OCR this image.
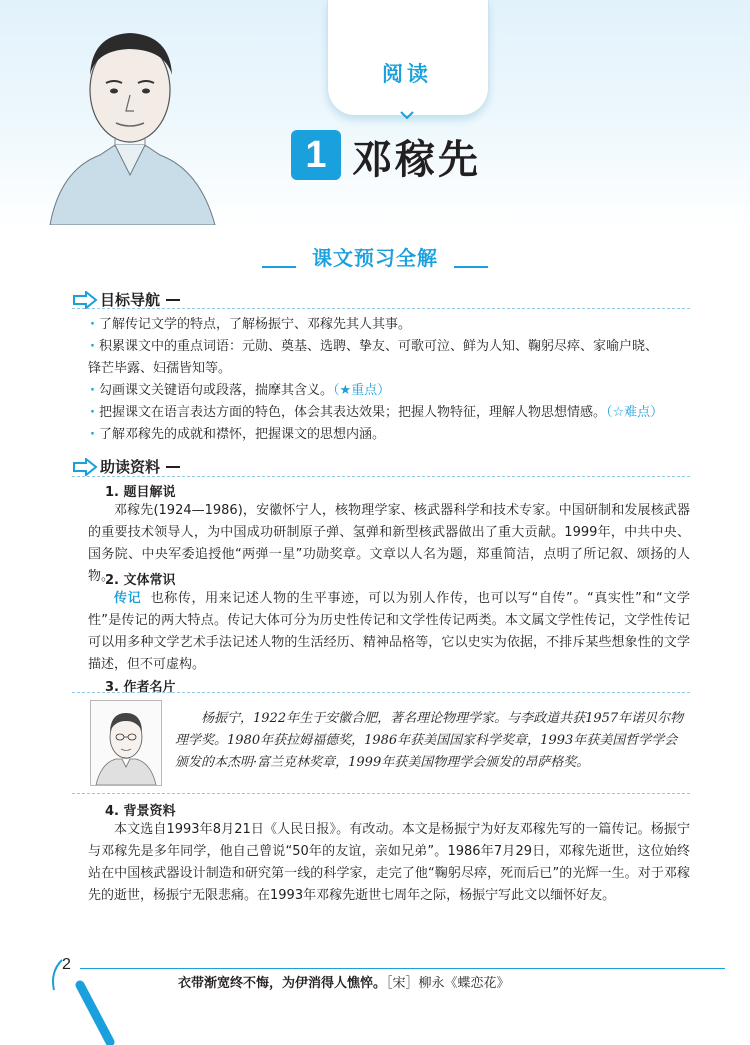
阅读
1 邓稼先
课文预习全解
目标导航
· 了解传记文学的特点，了解杨振宁、邓稼先其人其事。
· 积累课文中的重点词语：元勋、奠基、选聘、挚友、可歌可泣、鲜为人知、鞠躬尽瘁、家喻户晓、
锋芒毕露、妇孺皆知等。
· 勾画课文关键语句或段落，揣摩其含义。（★重点）
· 把握课文在语言表达方面的特色，体会其表达效果；把握人物特征，理解人物思想情感。（☆难点）
· 了解邓稼先的成就和襟怀，把握课文的思想内涵。
助读资料
1. 题目解说
邓稼先(1924—1986)，安徽怀宁人，核物理学家、核武器科学和技术专家。中国研制和发展核武器的重要技术领导人，为中国成功研制原子弹、氢弹和新型核武器做出了重大贡献。1999年，中共中央、国务院、中央军委追授他“两弹一星”功勋奖章。文章以人名为题，郑重简洁，点明了所记叙、颂扬的人物。
2. 文体常识
传记 也称传，用来记述人物的生平事迹，可以为别人作传，也可以写“自传”。“真实性”和“文学性”是传记的两大特点。传记大体可分为历史性传记和文学性传记两类。本文属文学性传记，文学性传记可以用多种文学艺术手法记述人物的生活经历、精神品格等，它以史实为依据，不排斥某些想象性的文学描述，但不可虚构。
3. 作者名片
杨振宁，1922年生于安徽合肥，著名理论物理学家。与李政道共获1957年诺贝尔物理学奖。1980年获拉姆福德奖，1986年获美国国家科学奖章，1993年获美国哲学学会颁发的本杰明·富兰克林奖章，1999年获美国物理学会颁发的昂萨格奖。
4. 背景资料
本文选自1993年8月21日《人民日报》。有改动。本文是杨振宁为好友邓稼先写的一篇传记。杨振宁与邓稼先是多年同学，他自己曾说“50年的友谊，亲如兄弟”。1986年7月29日，邓稼先逝世，这位始终站在中国核武器设计制造和研究第一线的科学家，走完了他“鞠躬尽瘁，死而后已”的光辉一生。对于邓稼先的逝世，杨振宁无限悲痛。在1993年邓稼先逝世七周年之际，杨振宁写此文以缅怀好友。
2
衣带渐宽终不悔，为伊消得人憔悴。［宋］柳永《蝶恋花》
